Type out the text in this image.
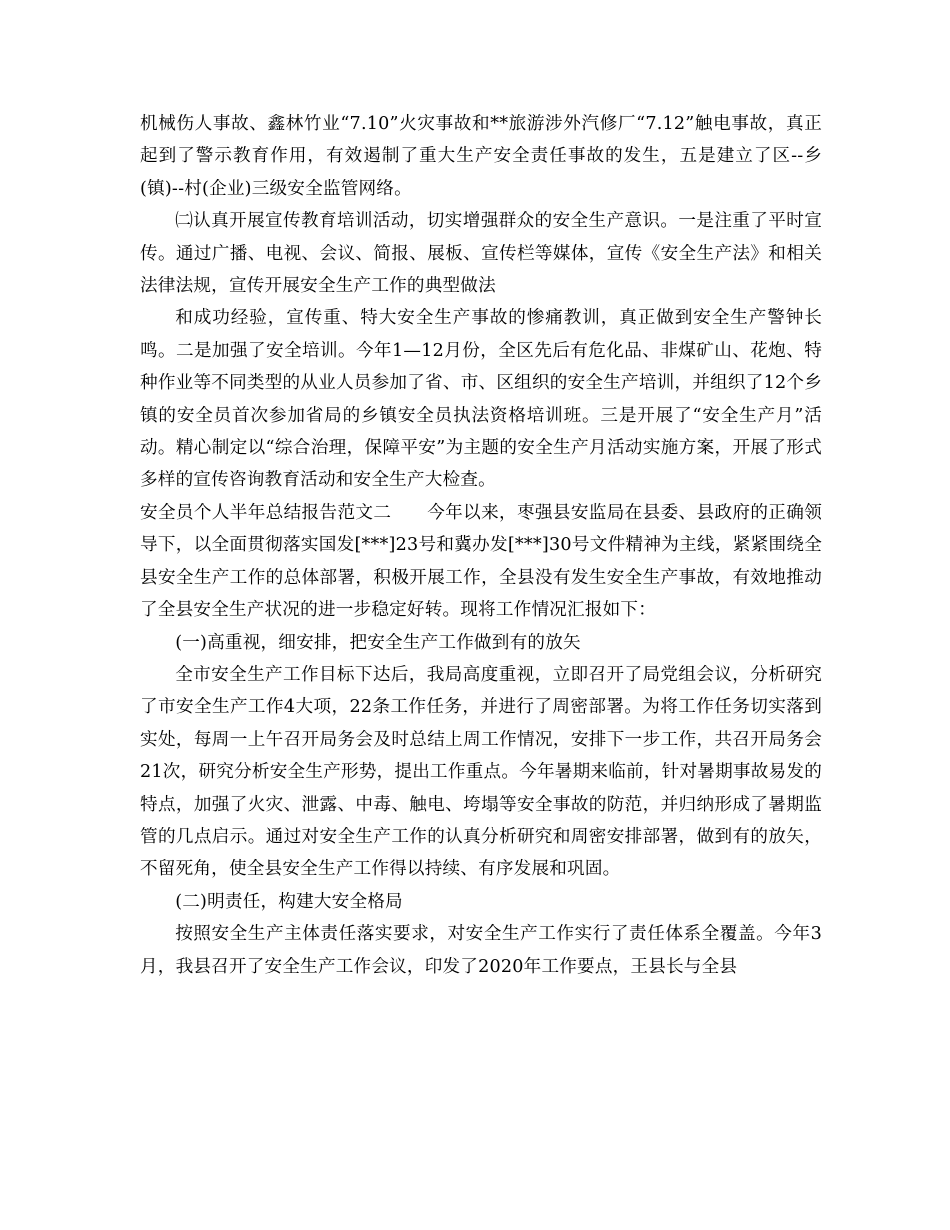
机械伤人事故、鑫林竹业“7.10”火灾事故和**旅游涉外汽修厂“7.12”触电事故，真正起到了警示教育作用，有效遏制了重大生产安全责任事故的发生，五是建立了区--乡(镇)--村(企业)三级安全监管网络。

㈡认真开展宣传教育培训活动，切实增强群众的安全生产意识。一是注重了平时宣传。通过广播、电视、会议、简报、展板、宣传栏等媒体，宣传《安全生产法》和相关法律法规，宣传开展安全生产工作的典型做法

和成功经验，宣传重、特大安全生产事故的惨痛教训，真正做到安全生产警钟长鸣。二是加强了安全培训。今年1—12月份，全区先后有危化品、非煤矿山、花炮、特种作业等不同类型的从业人员参加了省、市、区组织的安全生产培训，并组织了12个乡镇的安全员首次参加省局的乡镇安全员执法资格培训班。三是开展了“安全生产月”活动。精心制定以“综合治理，保障平安”为主题的安全生产月活动实施方案，开展了形式多样的宣传咨询教育活动和安全生产大检查。

安全员个人半年总结报告范文二　　今年以来，枣强县安监局在县委、县政府的正确领导下，以全面贯彻落实国发[***]23号和冀办发[***]30号文件精神为主线，紧紧围绕全县安全生产工作的总体部署，积极开展工作，全县没有发生安全生产事故，有效地推动了全县安全生产状况的进一步稳定好转。现将工作情况汇报如下：

(一)高重视，细安排，把安全生产工作做到有的放矢

全市安全生产工作目标下达后，我局高度重视，立即召开了局党组会议，分析研究了市安全生产工作4大项，22条工作任务，并进行了周密部署。为将工作任务切实落到实处，每周一上午召开局务会及时总结上周工作情况，安排下一步工作，共召开局务会21次，研究分析安全生产形势，提出工作重点。今年暑期来临前，针对暑期事故易发的特点，加强了火灾、泄露、中毒、触电、垮塌等安全事故的防范，并归纳形成了暑期监管的几点启示。通过对安全生产工作的认真分析研究和周密安排部署，做到有的放矢，不留死角，使全县安全生产工作得以持续、有序发展和巩固。

(二)明责任，构建大安全格局

按照安全生产主体责任落实要求，对安全生产工作实行了责任体系全覆盖。今年3月，我县召开了安全生产工作会议，印发了2020年工作要点，王县长与全县
